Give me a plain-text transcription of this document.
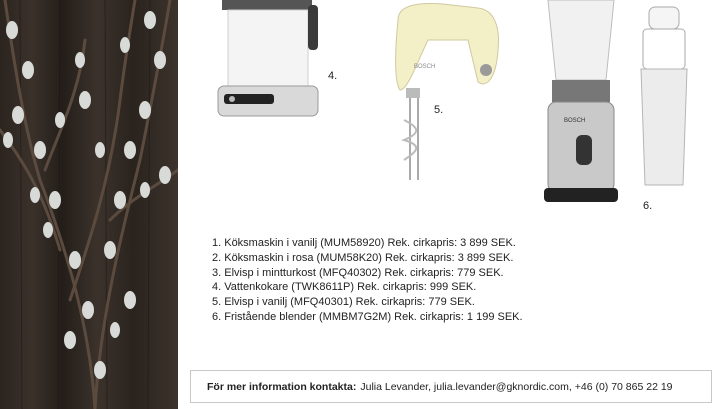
4.
BOSCH
5.
BOSCH
6.
1. Köksmaskin i vanilj (MUM58920) Rek. cirkapris: 3 899 SEK.
2. Köksmaskin i rosa (MUM58K20) Rek. cirkapris: 3 899 SEK.
3. Elvisp i mintturkost (MFQ40302) Rek. cirkapris: 779 SEK.
4. Vattenkokare (TWK8611P) Rek. cirkapris: 999 SEK.
5. Elvisp i vanilj (MFQ40301) Rek. cirkapris: 779 SEK.
6. Fristående blender (MMBM7G2M) Rek. cirkapris: 1 199 SEK.
För mer information kontakta: Julia Levander, julia.levander@gknordic.com, +46 (0) 70 865 22 19
